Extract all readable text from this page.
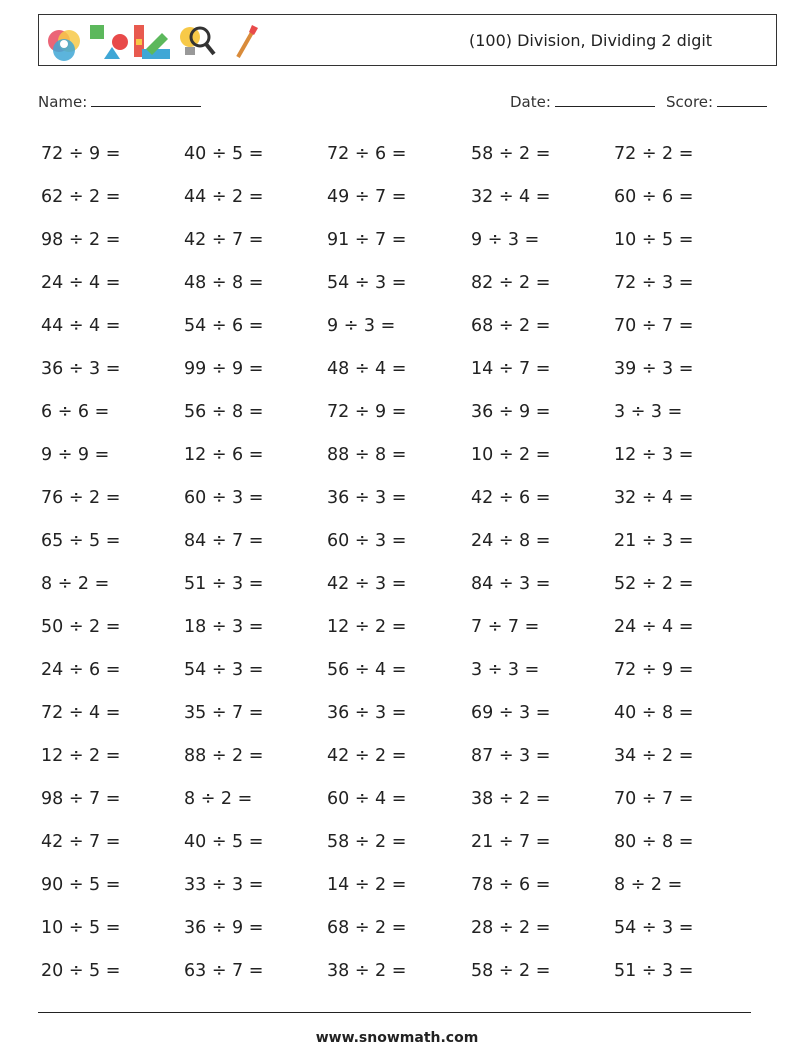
(100) Division, Dividing 2 digit
Name:	Date:	Score:
72 ÷ 9 =	40 ÷ 5 =	72 ÷ 6 =	58 ÷ 2 =	72 ÷ 2 =
62 ÷ 2 =	44 ÷ 2 =	49 ÷ 7 =	32 ÷ 4 =	60 ÷ 6 =
98 ÷ 2 =	42 ÷ 7 =	91 ÷ 7 =	9 ÷ 3 =	10 ÷ 5 =
24 ÷ 4 =	48 ÷ 8 =	54 ÷ 3 =	82 ÷ 2 =	72 ÷ 3 =
44 ÷ 4 =	54 ÷ 6 =	9 ÷ 3 =	68 ÷ 2 =	70 ÷ 7 =
36 ÷ 3 =	99 ÷ 9 =	48 ÷ 4 =	14 ÷ 7 =	39 ÷ 3 =
6 ÷ 6 =	56 ÷ 8 =	72 ÷ 9 =	36 ÷ 9 =	3 ÷ 3 =
9 ÷ 9 =	12 ÷ 6 =	88 ÷ 8 =	10 ÷ 2 =	12 ÷ 3 =
76 ÷ 2 =	60 ÷ 3 =	36 ÷ 3 =	42 ÷ 6 =	32 ÷ 4 =
65 ÷ 5 =	84 ÷ 7 =	60 ÷ 3 =	24 ÷ 8 =	21 ÷ 3 =
8 ÷ 2 =	51 ÷ 3 =	42 ÷ 3 =	84 ÷ 3 =	52 ÷ 2 =
50 ÷ 2 =	18 ÷ 3 =	12 ÷ 2 =	7 ÷ 7 =	24 ÷ 4 =
24 ÷ 6 =	54 ÷ 3 =	56 ÷ 4 =	3 ÷ 3 =	72 ÷ 9 =
72 ÷ 4 =	35 ÷ 7 =	36 ÷ 3 =	69 ÷ 3 =	40 ÷ 8 =
12 ÷ 2 =	88 ÷ 2 =	42 ÷ 2 =	87 ÷ 3 =	34 ÷ 2 =
98 ÷ 7 =	8 ÷ 2 =	60 ÷ 4 =	38 ÷ 2 =	70 ÷ 7 =
42 ÷ 7 =	40 ÷ 5 =	58 ÷ 2 =	21 ÷ 7 =	80 ÷ 8 =
90 ÷ 5 =	33 ÷ 3 =	14 ÷ 2 =	78 ÷ 6 =	8 ÷ 2 =
10 ÷ 5 =	36 ÷ 9 =	68 ÷ 2 =	28 ÷ 2 =	54 ÷ 3 =
20 ÷ 5 =	63 ÷ 7 =	38 ÷ 2 =	58 ÷ 2 =	51 ÷ 3 =
www.snowmath.com
